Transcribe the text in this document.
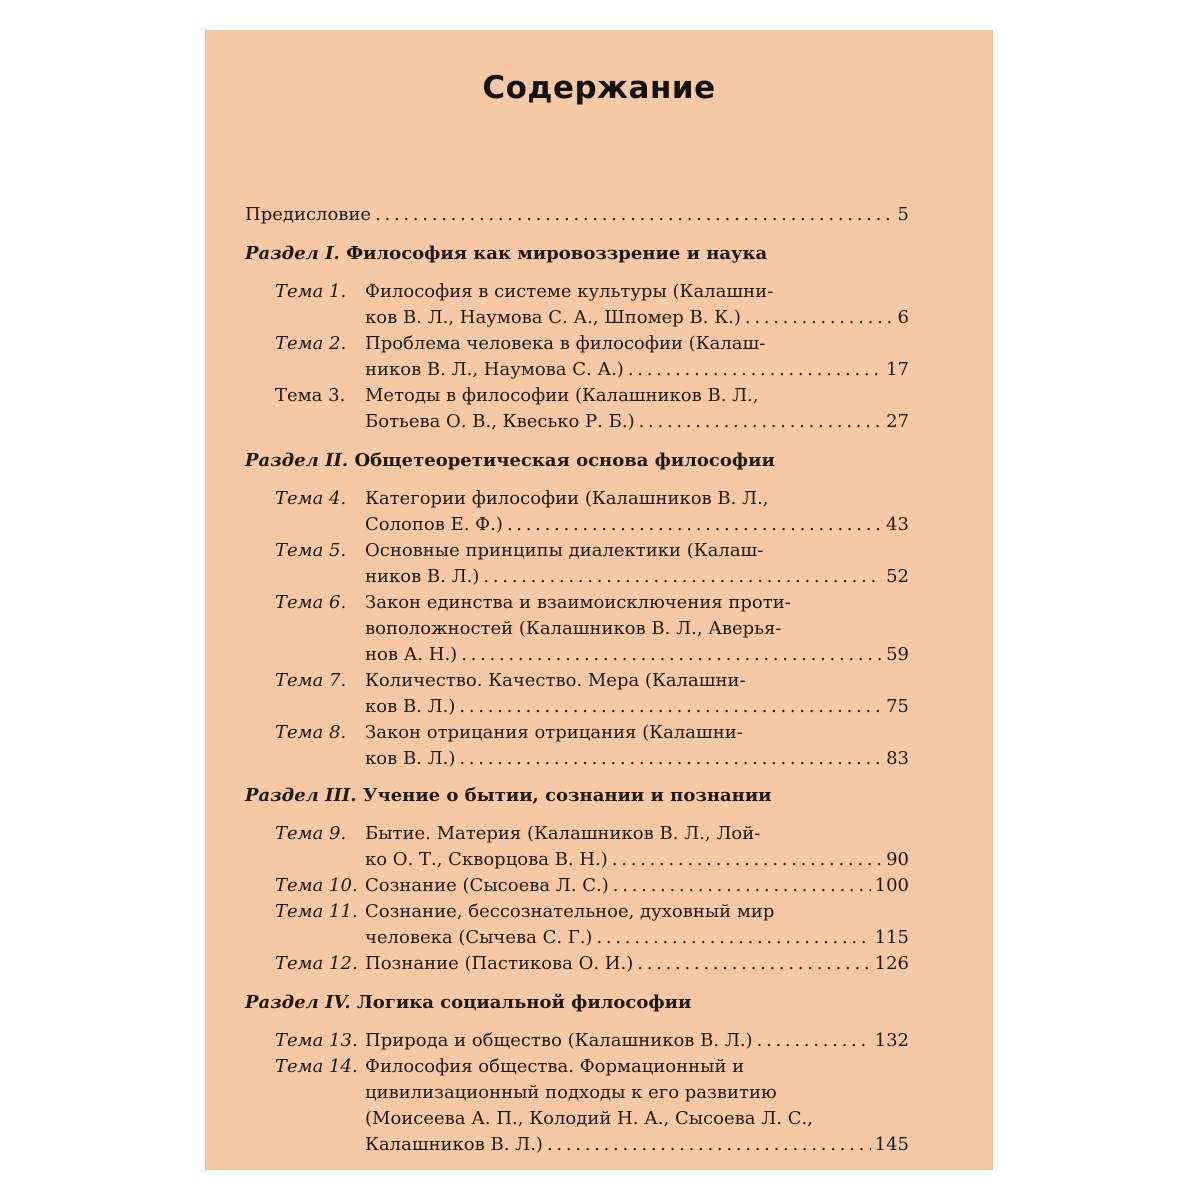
Содержание
Предисловие . . .	5
Раздел I. Философия как мировоззрение и наука
Тема 1.	Философия в системе культуры (Калашни-
ков В. Л., Наумова С. А., Шпомер В. К.) . . .	6
Тема 2.	Проблема человека в философии (Калаш-
ников В. Л., Наумова С. А.) . . .	17
Тема 3.	Методы в философии (Калашников В. Л.,
Ботьева О. В., Квесько Р. Б.) . . .	27
Раздел II. Общетеоретическая основа философии
Тема 4.	Категории философии (Калашников В. Л.,
Солопов Е. Ф.) . . .	43
Тема 5.	Основные принципы диалектики (Калаш-
ников В. Л.) . . .	52
Тема 6.	Закон единства и взаимоисключения проти-
воположностей (Калашников В. Л., Аверья-
нов А. Н.) . . .	59
Тема 7.	Количество. Качество. Мера (Калашни-
ков В. Л.) . . .	75
Тема 8.	Закон отрицания отрицания (Калашни-
ков В. Л.) . . .	83
Раздел III. Учение о бытии, сознании и познании
Тема 9.	Бытие. Материя (Калашников В. Л., Лой-
ко О. Т., Скворцова В. Н.) . . .	90
Тема 10. Сознание (Сысоева Л. С.) . . .	100
Тема 11. Сознание, бессознательное, духовный мир
человека (Сычева С. Г.) . . .	115
Тема 12. Познание (Пастикова О. И.) . . .	126
Раздел IV. Логика социальной философии
Тема 13. Природа и общество (Калашников В. Л.) . . .	132
Тема 14. Философия общества. Формационный и
цивилизационный подходы к его развитию
(Моисеева А. П., Колодий Н. А., Сысоева Л. С.,
Калашников В. Л.) . . .	145
